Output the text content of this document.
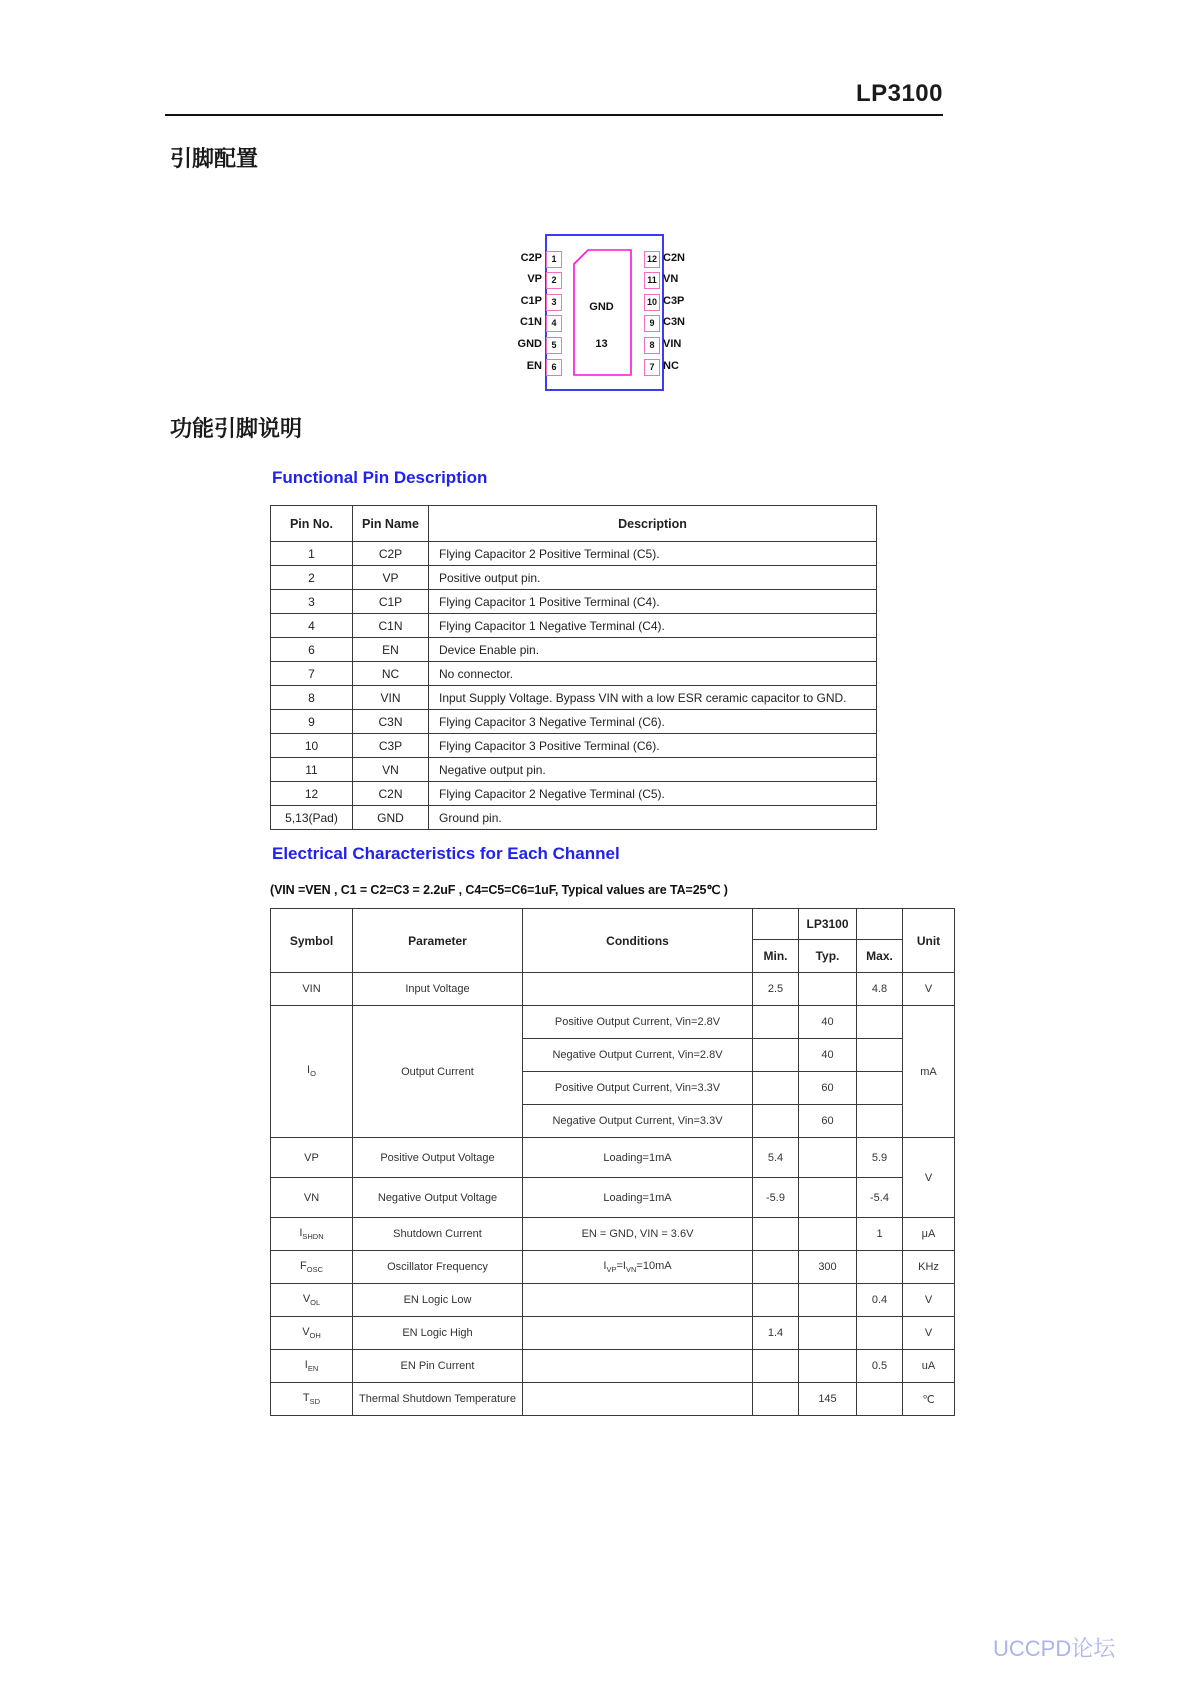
LP3100
引脚配置
1
2
3
4
5
6
C2P
VP
C1P
C1N
GND
EN
12
11
10
9
8
7
C2N
VN
C3P
C3N
VIN
NC
GND
13
功能引脚说明
Functional Pin Description
Pin No.	Pin Name	Description
1	C2P	Flying Capacitor 2 Positive Terminal (C5).
2	VP	Positive output pin.
3	C1P	Flying Capacitor 1 Positive Terminal (C4).
4	C1N	Flying Capacitor 1 Negative Terminal (C4).
6	EN	Device Enable pin.
7	NC	No connector.
8	VIN	Input Supply Voltage. Bypass VIN with a low ESR ceramic capacitor to GND.
9	C3N	Flying Capacitor 3 Negative Terminal (C6).
10	C3P	Flying Capacitor 3 Positive Terminal (C6).
11	VN	Negative output pin.
12	C2N	Flying Capacitor 2 Negative Terminal (C5).
5,13(Pad)	GND	Ground pin.
Electrical Characteristics for Each Channel
(VIN =VEN , C1 = C2=C3 = 2.2uF , C4=C5=C6=1uF, Typical values are TA=25℃ )
Symbol	Parameter	Conditions		LP3100		Unit
			Min.	Typ.	Max.	
VIN	Input Voltage		2.5		4.8	V
$I_O$	Output Current	Positive Output Current, Vin=2.8V		40		mA
		Negative Output Current, Vin=2.8V		40		
		Positive Output Current, Vin=3.3V		60		
		Negative Output Current, Vin=3.3V		60		
VP	Positive Output Voltage	Loading=1mA	5.4		5.9	V
VN	Negative Output Voltage	Loading=1mA	-5.9		-5.4	
$I_{SHDN}$	Shutdown Current	EN = GND, VIN = 3.6V			1	μA
$F_{OSC}$	Oscillator Frequency	$I_{VP}=I_{VN}=10mA$		300		KHz
$V_{OL}$	EN Logic Low				0.4	V
$V_{OH}$	EN Logic High		1.4			V
$I_{EN}$	EN Pin Current				0.5	uA
$T_{SD}$	Thermal Shutdown Temperature			145		℃
UCCPD论坛
